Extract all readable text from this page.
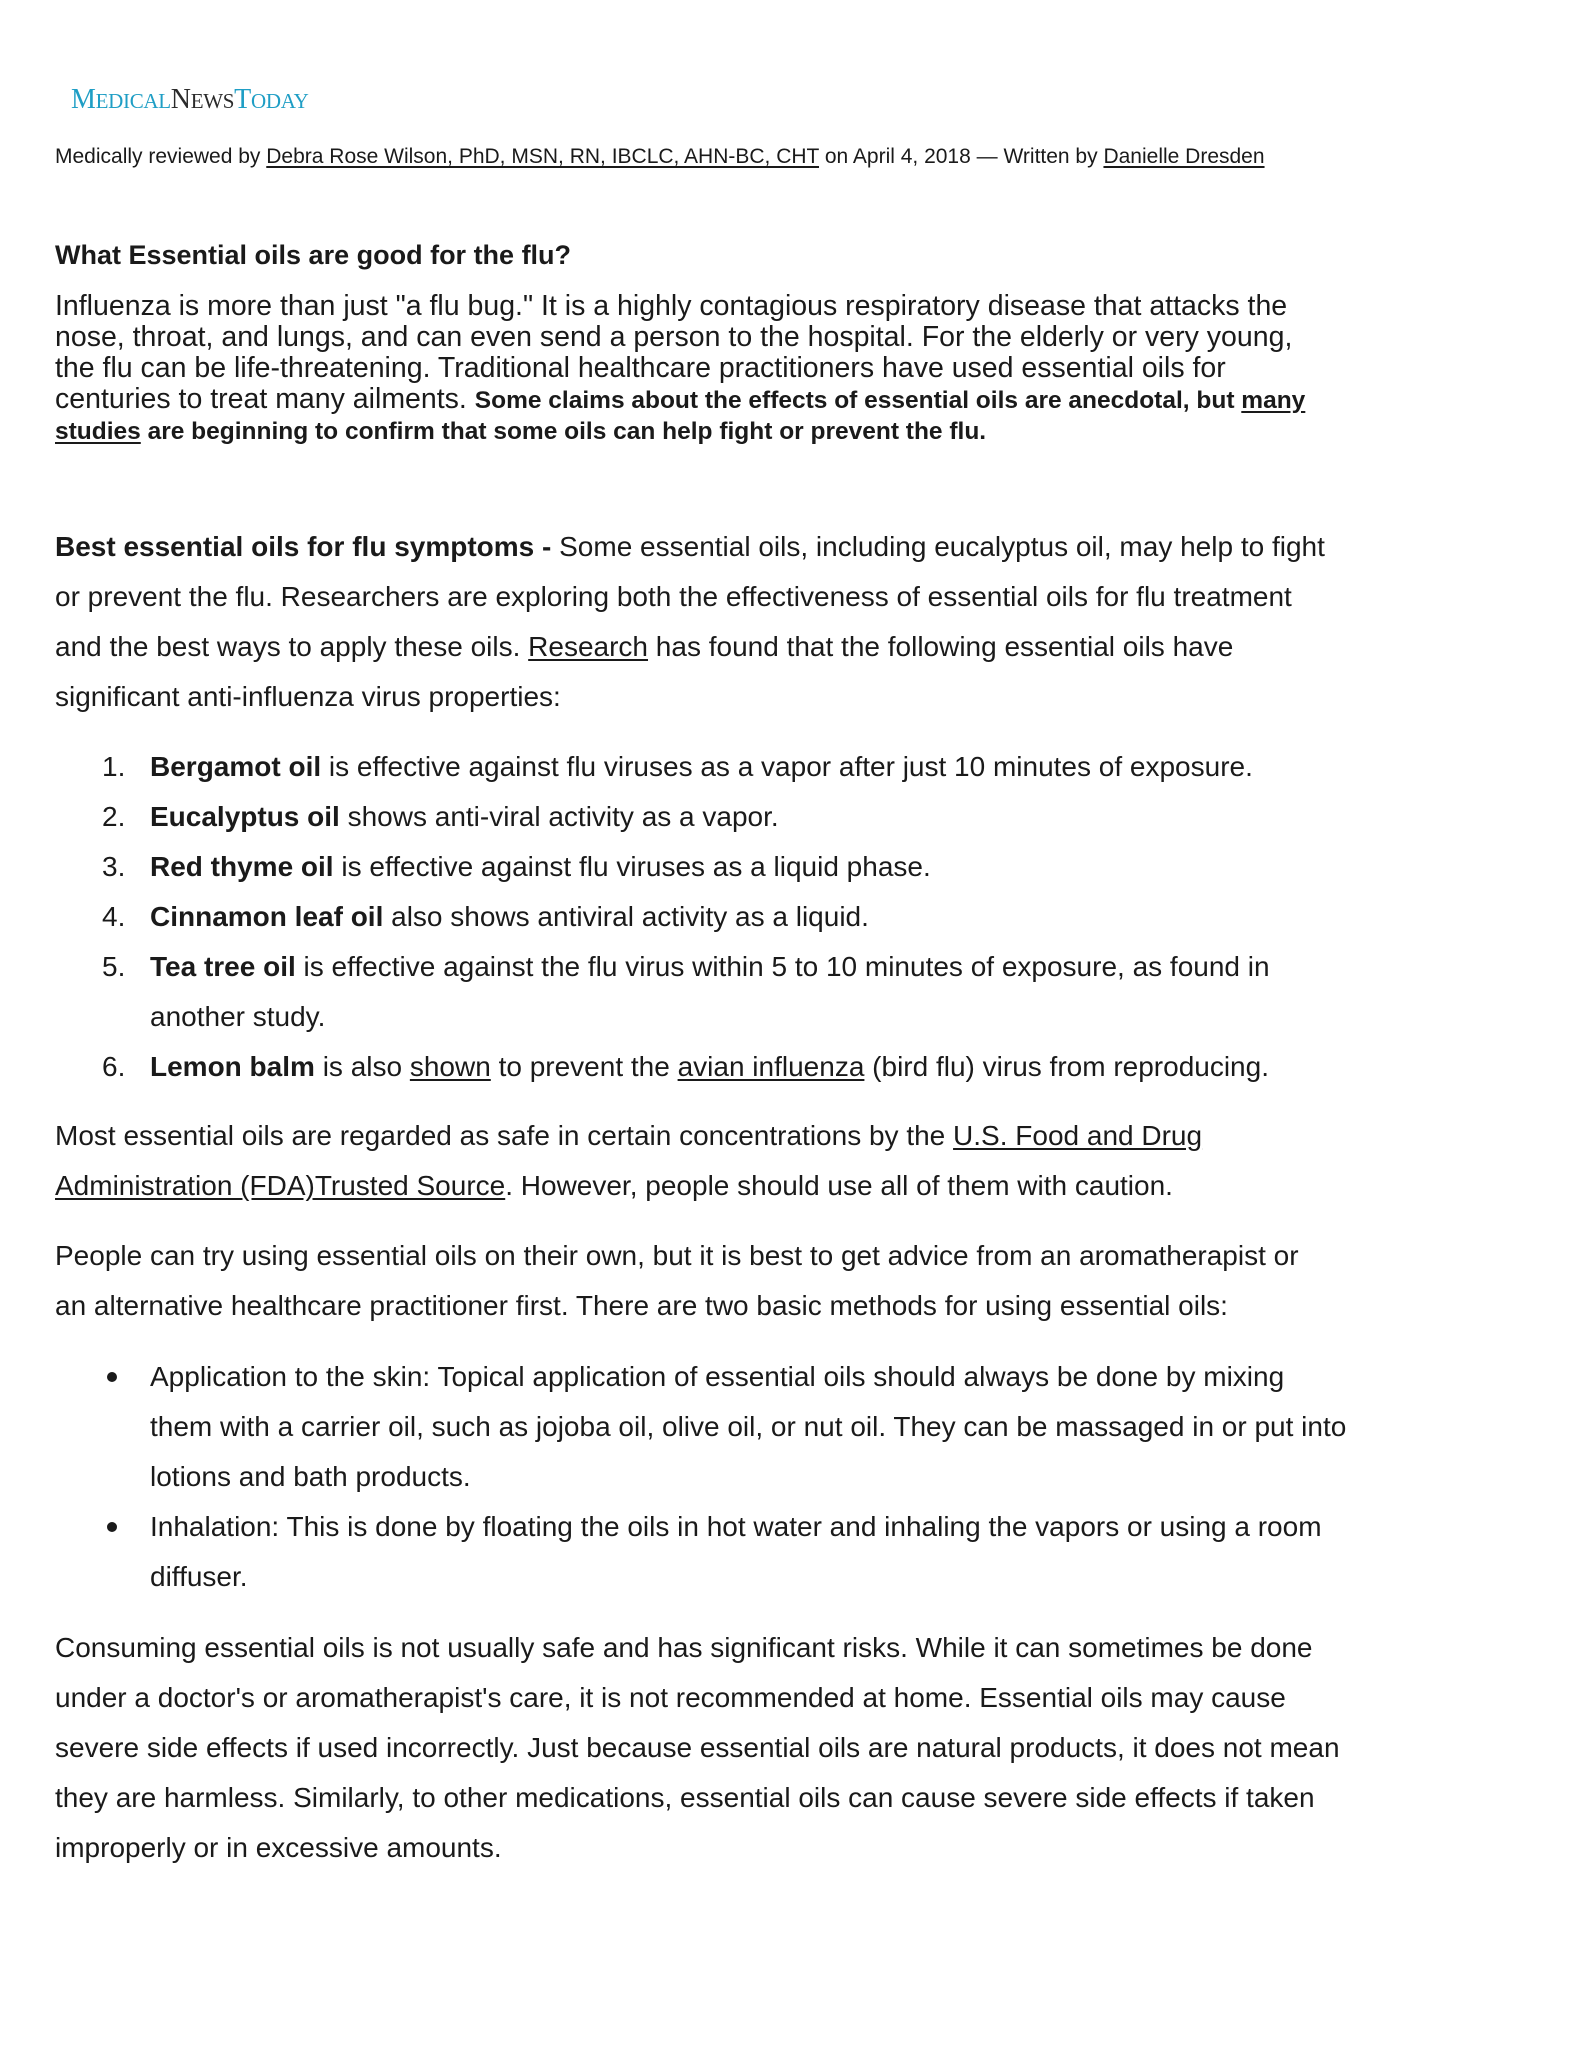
MEDICALNEWSTODAY
Medically reviewed by Debra Rose Wilson, PhD, MSN, RN, IBCLC, AHN-BC, CHT on April 4, 2018 — Written by Danielle Dresden
What Essential oils are good for the flu?
Influenza is more than just "a flu bug." It is a highly contagious respiratory disease that attacks the
nose, throat, and lungs, and can even send a person to the hospital. For the elderly or very young,
the flu can be life-threatening. Traditional healthcare practitioners have used essential oils for
centuries to treat many ailments. Some claims about the effects of essential oils are anecdotal, but many
studies are beginning to confirm that some oils can help fight or prevent the flu.
Best essential oils for flu symptoms - Some essential oils, including eucalyptus oil, may help to fight
or prevent the flu. Researchers are exploring both the effectiveness of essential oils for flu treatment
and the best ways to apply these oils. Research has found that the following essential oils have
significant anti-influenza virus properties:
1. Bergamot oil is effective against flu viruses as a vapor after just 10 minutes of exposure.
2. Eucalyptus oil shows anti-viral activity as a vapor.
3. Red thyme oil is effective against flu viruses as a liquid phase.
4. Cinnamon leaf oil also shows antiviral activity as a liquid.
5. Tea tree oil is effective against the flu virus within 5 to 10 minutes of exposure, as found in
another study.
6. Lemon balm is also shown to prevent the avian influenza (bird flu) virus from reproducing.
Most essential oils are regarded as safe in certain concentrations by the U.S. Food and Drug
Administration (FDA)Trusted Source. However, people should use all of them with caution.
People can try using essential oils on their own, but it is best to get advice from an aromatherapist or
an alternative healthcare practitioner first. There are two basic methods for using essential oils:
Application to the skin: Topical application of essential oils should always be done by mixing
them with a carrier oil, such as jojoba oil, olive oil, or nut oil. They can be massaged in or put into
lotions and bath products.
Inhalation: This is done by floating the oils in hot water and inhaling the vapors or using a room
diffuser.
Consuming essential oils is not usually safe and has significant risks. While it can sometimes be done
under a doctor's or aromatherapist's care, it is not recommended at home. Essential oils may cause
severe side effects if used incorrectly. Just because essential oils are natural products, it does not mean
they are harmless. Similarly, to other medications, essential oils can cause severe side effects if taken
improperly or in excessive amounts.
